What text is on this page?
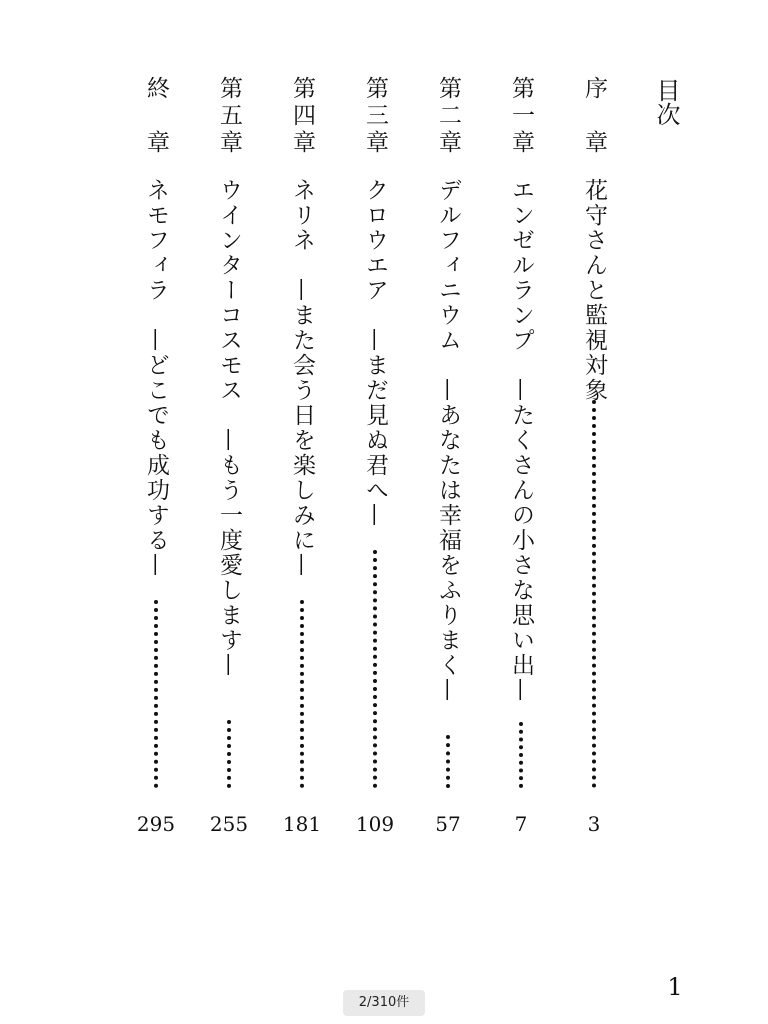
目次
序　章
花守さんと監視対象
3
第一章
エンゼルランプ　—たくさんの小さな思い出—
7
第二章
デルフィニウム　—あなたは幸福をふりまく—
57
第三章
クロウエア　—まだ見ぬ君へ—
109
第四章
ネリネ　—また会う日を楽しみに—
181
第五章
ウインターコスモス　—もう一度愛します—
255
終　章
ネモフィラ　—どこでも成功する—
295
1
2/310件
